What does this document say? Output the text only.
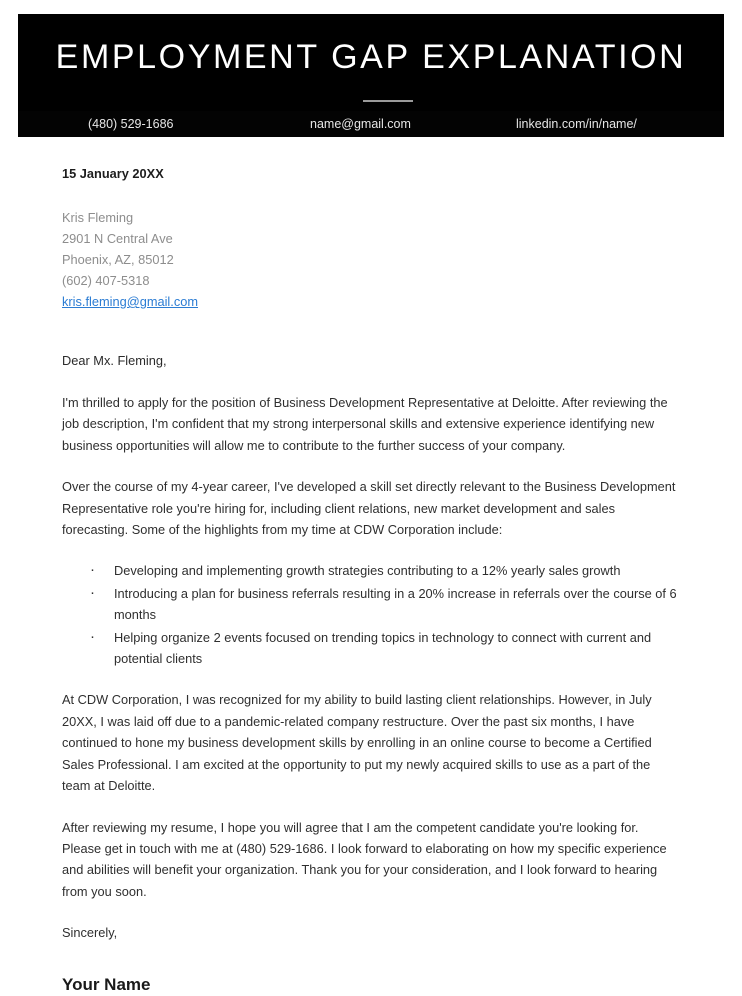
EMPLOYMENT GAP EXPLANATION
(480) 529-1686	name@gmail.com	linkedin.com/in/name/
15 January 20XX
Kris Fleming
2901 N Central Ave
Phoenix, AZ, 85012
(602) 407-5318
kris.fleming@gmail.com
Dear Mx. Fleming,

I'm thrilled to apply for the position of Business Development Representative at Deloitte. After reviewing the job description, I'm confident that my strong interpersonal skills and extensive experience identifying new business opportunities will allow me to contribute to the further success of your company.

Over the course of my 4-year career, I've developed a skill set directly relevant to the Business Development Representative role you're hiring for, including client relations, new market development and sales forecasting. Some of the highlights from my time at CDW Corporation include:

· Developing and implementing growth strategies contributing to a 12% yearly sales growth
· Introducing a plan for business referrals resulting in a 20% increase in referrals over the course of 6 months
· Helping organize 2 events focused on trending topics in technology to connect with current and potential clients

At CDW Corporation, I was recognized for my ability to build lasting client relationships. However, in July 20XX, I was laid off due to a pandemic-related company restructure. Over the past six months, I have continued to hone my business development skills by enrolling in an online course to become a Certified Sales Professional. I am excited at the opportunity to put my newly acquired skills to use as a part of the team at Deloitte.

After reviewing my resume, I hope you will agree that I am the competent candidate you're looking for. Please get in touch with me at (480) 529-1686. I look forward to elaborating on how my specific experience and abilities will benefit your organization. Thank you for your consideration, and I look forward to hearing from you soon.

Sincerely,
Your Name
